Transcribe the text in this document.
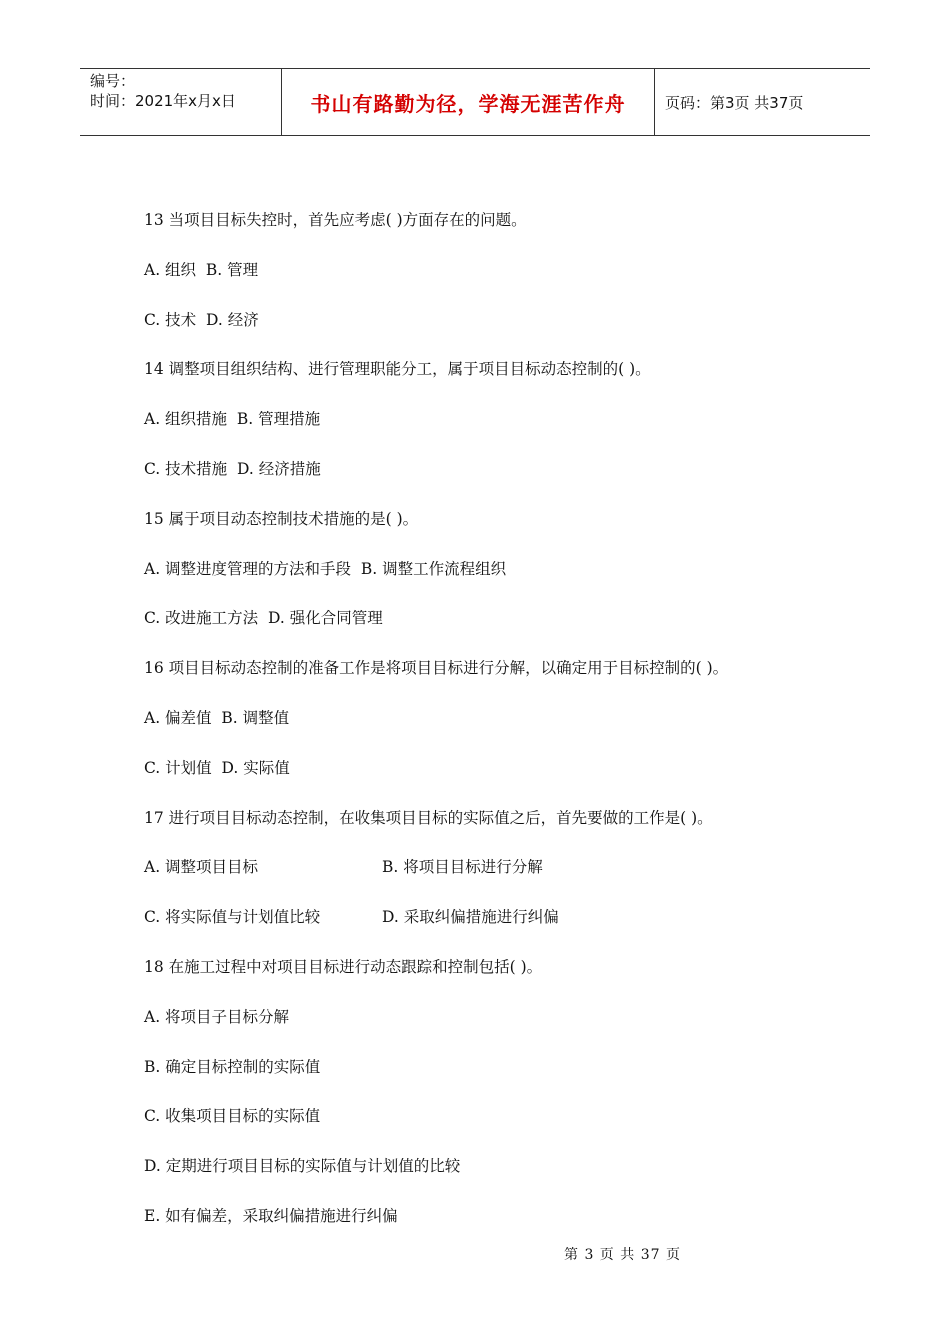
编号：
时间：2021年x月x日	书山有路勤为径，学海无涯苦作舟	页码：第3页 共37页
13 当项目目标失控时，首先应考虑( )方面存在的问题。
A. 组织  B. 管理
C. 技术  D. 经济
14 调整项目组织结构、进行管理职能分工，属于项目目标动态控制的( )。
A. 组织措施  B. 管理措施
C. 技术措施  D. 经济措施
15 属于项目动态控制技术措施的是( )。
A. 调整进度管理的方法和手段  B. 调整工作流程组织
C. 改进施工方法  D. 强化合同管理
16 项目目标动态控制的准备工作是将项目目标进行分解，以确定用于目标控制的( )。
A. 偏差值  B. 调整值
C. 计划值  D. 实际值
17 进行项目目标动态控制，在收集项目目标的实际值之后，首先要做的工作是( )。
A. 调整项目目标	B. 将项目目标进行分解
C. 将实际值与计划值比较	D. 采取纠偏措施进行纠偏
18 在施工过程中对项目目标进行动态跟踪和控制包括( )。
A. 将项目子目标分解
B. 确定目标控制的实际值
C. 收集项目目标的实际值
D. 定期进行项目目标的实际值与计划值的比较
E. 如有偏差，采取纠偏措施进行纠偏
第 3 页 共 37 页
